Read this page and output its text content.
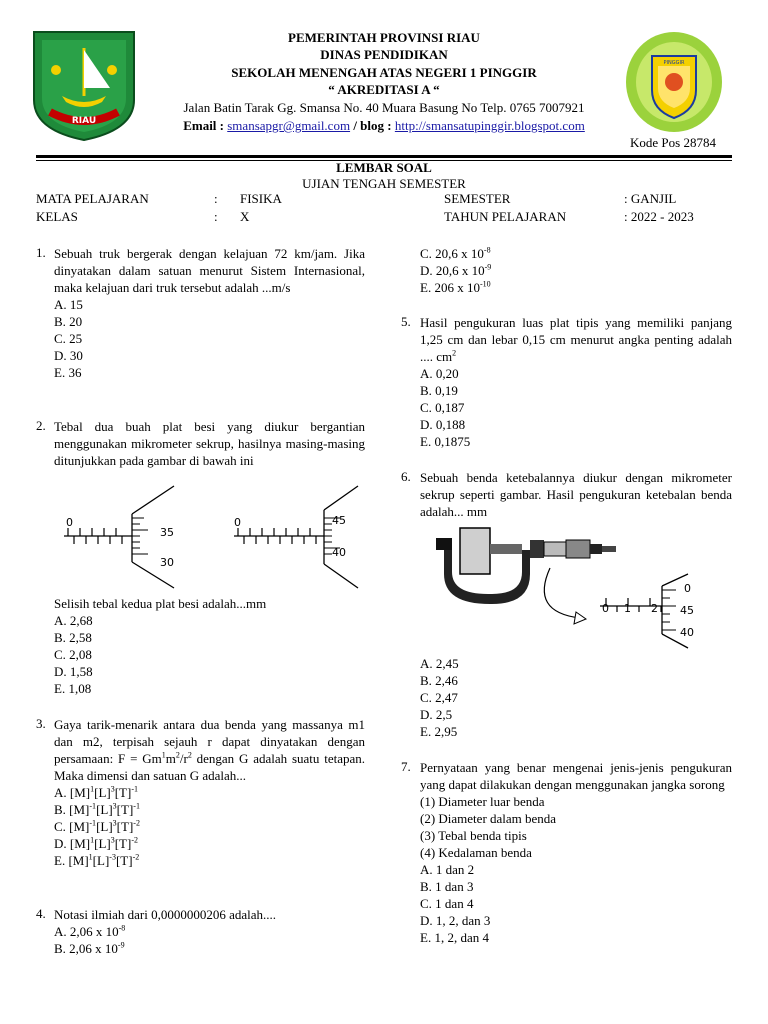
RIAU
PEMERINTAH PROVINSI RIAU
DINAS PENDIDIKAN
SEKOLAH MENENGAH ATAS NEGERI 1 PINGGIR
“ AKREDITASI A “
Jalan Batin Tarak Gg. Smansa No. 40 Muara Basung No Telp. 0765 7007921
Email : smansapgr@gmail.com / blog : http://smansatupinggir.blogspot.com
PINGGIR
Kode Pos 28784
LEMBAR SOAL
UJIAN TENGAH SEMESTER
MATA PELAJARAN	: FISIKA	SEMESTER	: GANJIL
KELAS	: X	TAHUN PELAJARAN	: 2022 - 2023
1. Sebuah truk bergerak dengan kelajuan 72 km/jam. Jika dinyatakan dalam satuan menurut Sistem Internasional, maka kelajuan dari truk tersebut adalah ...m/s
A. 15
B. 20
C. 25
D. 30
E. 36
2. Tebal dua buah plat besi yang diukur bergantian menggunakan mikrometer sekrup, hasilnya masing-masing ditunjukkan pada gambar di bawah ini
0
35
30
0	45
40
Selisih tebal kedua plat besi adalah...mm
A. 2,68
B. 2,58
C. 2,08
D. 1,58
E. 1,08
3. Gaya tarik-menarik antara dua benda yang massanya m1 dan m2, terpisah sejauh r dapat dinyatakan dengan persamaan: $F = Gm^1m^2/r^2$ dengan G adalah suatu tetapan. Maka dimensi dan satuan G adalah...
A. $[M]^1[L]^3[T]^{-1}$
B. $[M]^{-1}[L]^3[T]^{-1}$
C. $[M]^{-1}[L]^3[T]^{-2}$
D. $[M]^1[L]^3[T]^{-2}$
E. $[M]^1[L]^{-3}[T]^{-2}$
4. Notasi ilmiah dari 0,0000000206 adalah....
A. 2,06 x $10^{-8}$
B. 2,06 x $10^{-9}$
C. 20,6 x $10^{-8}$
D. 20,6 x $10^{-9}$
E. 206 x $10^{-10}$
5. Hasil pengukuran luas plat tipis yang memiliki panjang 1,25 cm dan lebar 0,15 cm menurut angka penting adalah .... $cm^2$
A. 0,20
B. 0,19
C. 0,187
D. 0,188
E. 0,1875
6. Sebuah benda ketebalannya diukur dengan mikrometer sekrup seperti gambar. Hasil pengukuran ketebalan benda adalah... mm
0 1 2
0
45
40
A. 2,45
B. 2,46
C. 2,47
D. 2,5
E. 2,95
7. Pernyataan yang benar mengenai jenis-jenis pengukuran yang dapat dilakukan dengan menggunakan jangka sorong
(1) Diameter luar benda
(2) Diameter dalam benda
(3) Tebal benda tipis
(4) Kedalaman benda
A. 1 dan 2
B. 1 dan 3
C. 1 dan 4
D. 1, 2, dan 3
E. 1, 2, dan 4
